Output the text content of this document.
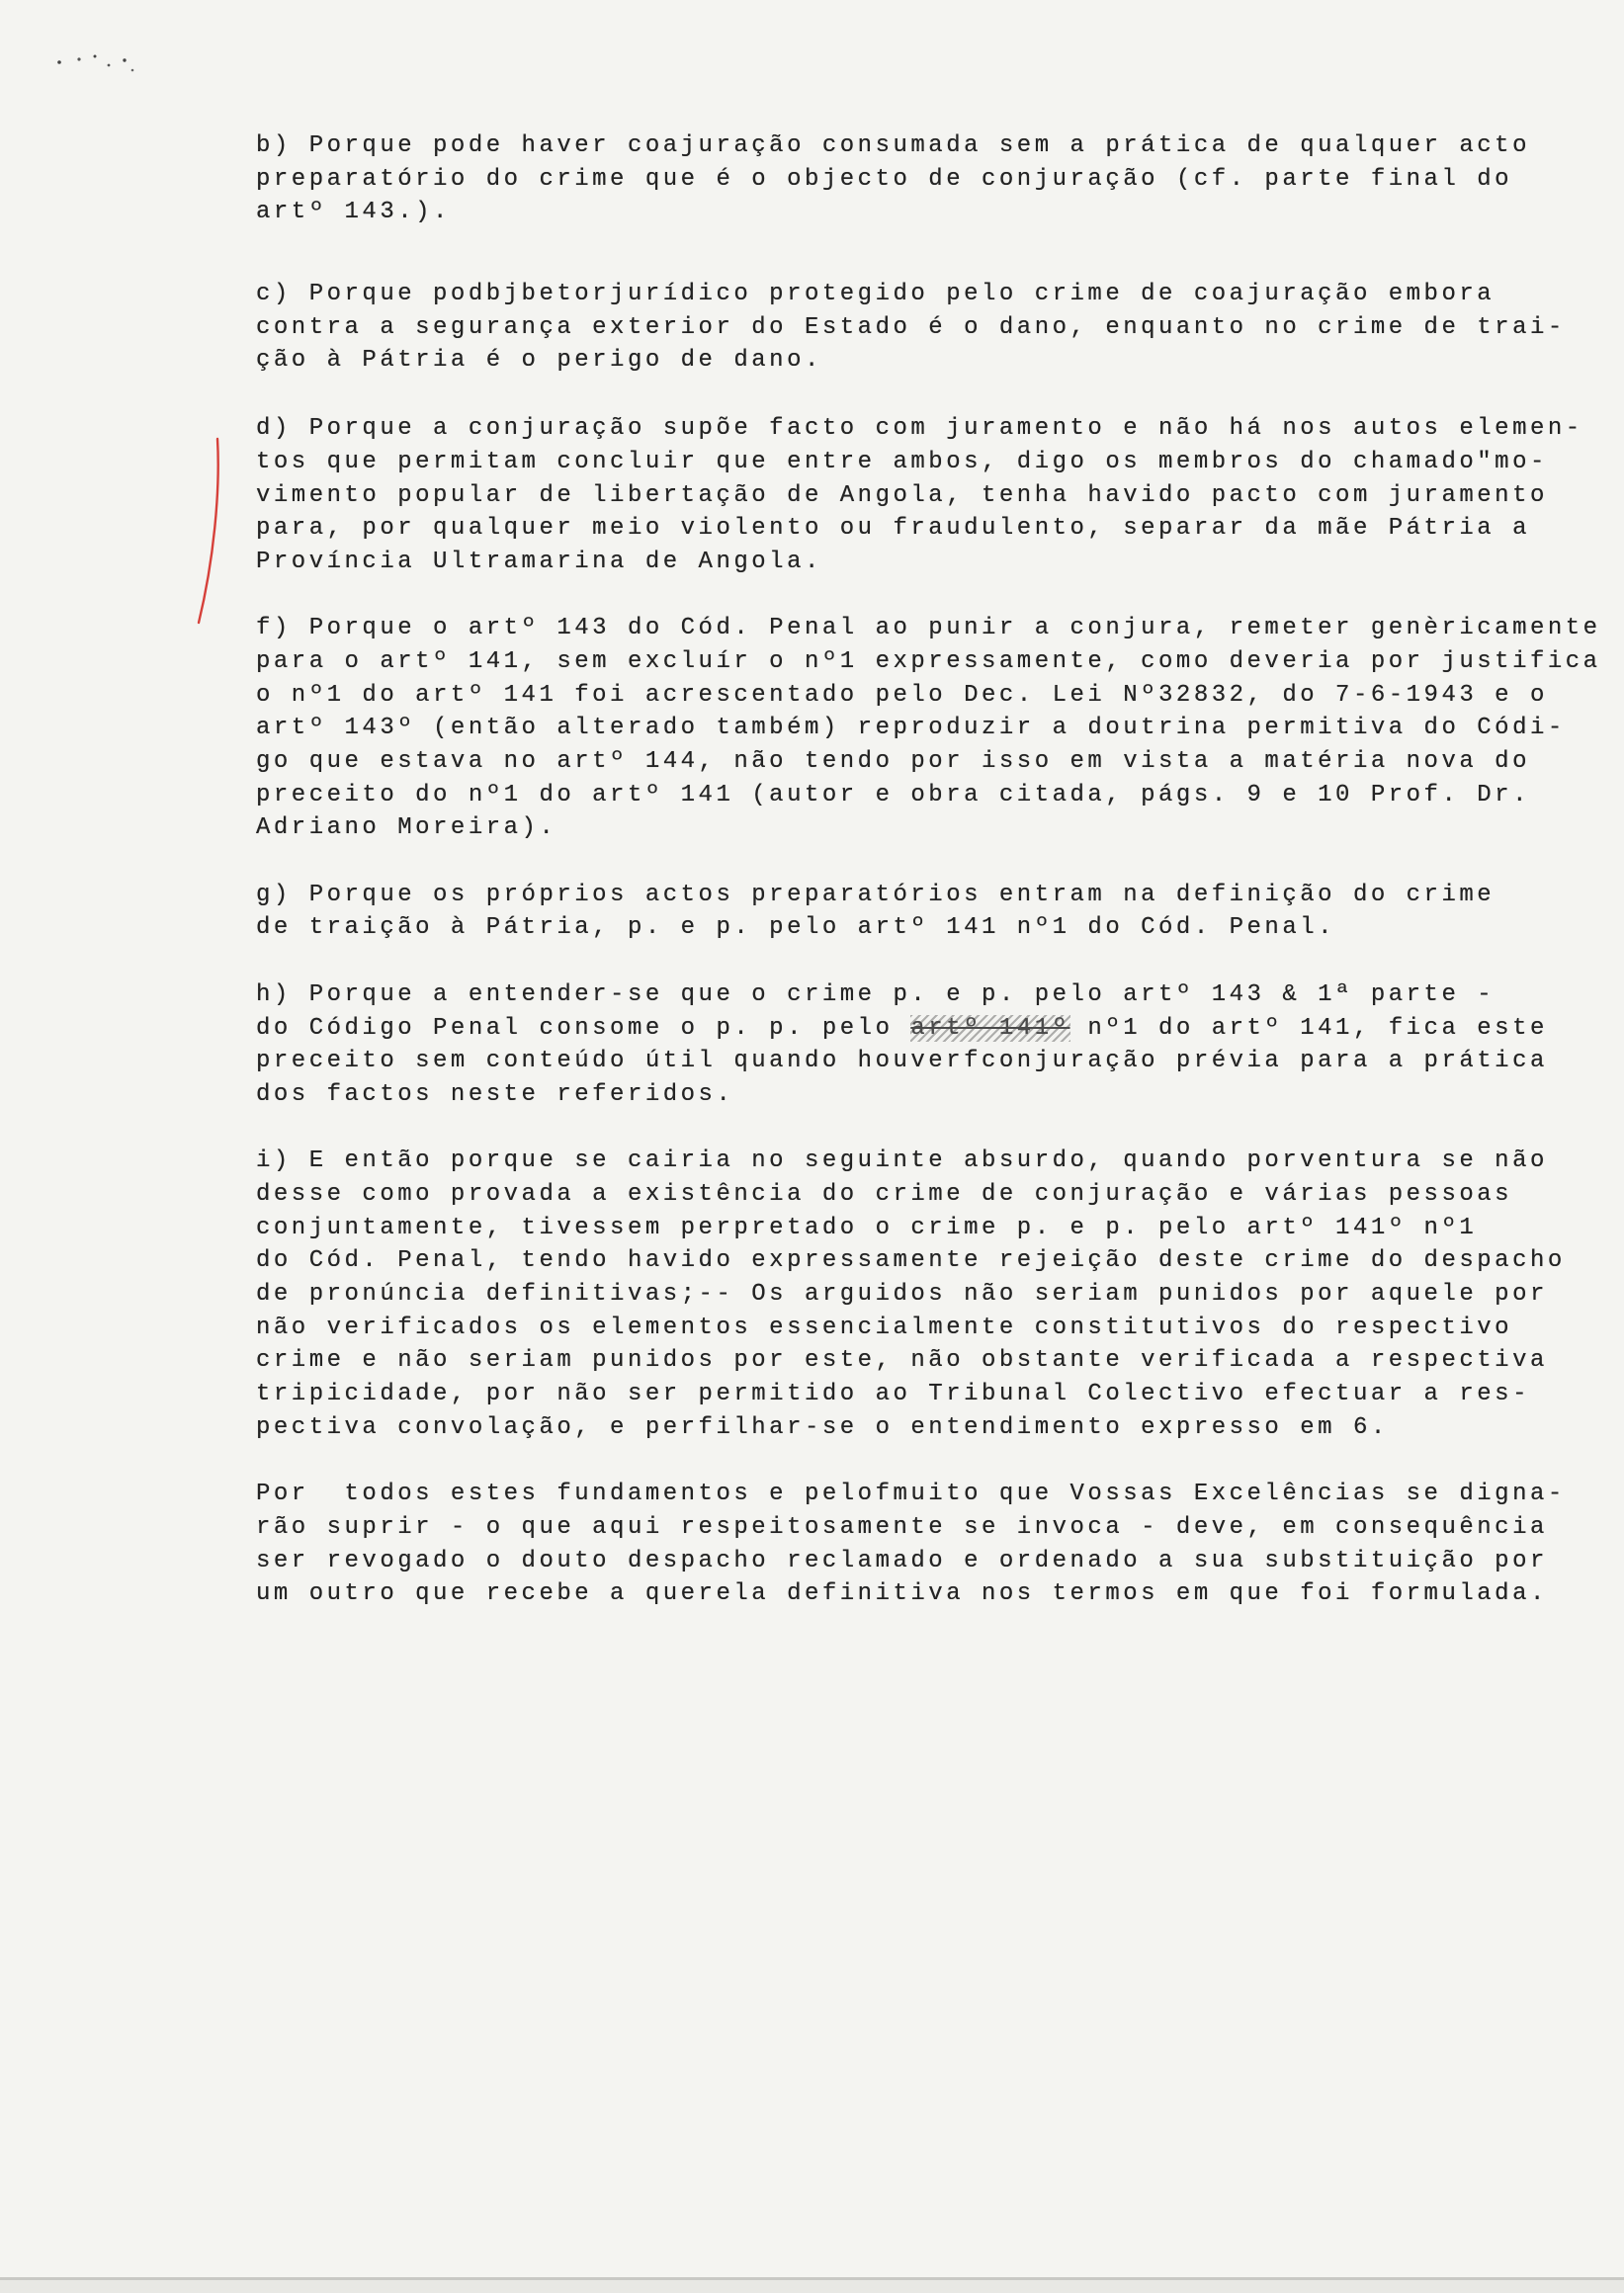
b) Porque pode haver coajuração consumada sem a prática de qualquer acto
preparatório do crime que é o objecto de conjuração (cf. parte final do
artº 143.).
c) Porque podbjbetorjurídico protegido pelo crime de coajuração embora
contra a segurança exterior do Estado é o dano, enquanto no crime de trai-
ção à Pátria é o perigo de dano.
d) Porque a conjuração supõe facto com juramento e não há nos autos elemen-
tos que permitam concluir que entre ambos, digo os membros do chamado"mo-
vimento popular de libertação de Angola, tenha havido pacto com juramento
para, por qualquer meio violento ou fraudulento, separar da mãe Pátria a
Província Ultramarina de Angola.
f) Porque o artº 143 do Cód. Penal ao punir a conjura, remeter genèricamente
para o artº 141, sem excluír o nº1 expressamente, como deveria por justifica
o nº1 do artº 141 foi acrescentado pelo Dec. Lei Nº32832, do 7-6-1943 e o
artº 143º (então alterado também) reproduzir a doutrina permitiva do Códi-
go que estava no artº 144, não tendo por isso em vista a matéria nova do
preceito do nº1 do artº 141 (autor e obra citada, págs. 9 e 10 Prof. Dr.
Adriano Moreira).
g) Porque os próprios actos preparatórios entram na definição do crime
de traição à Pátria, p. e p. pelo artº 141 nº1 do Cód. Penal.
h) Porque a entender-se que o crime p. e p. pelo artº 143 & 1ª parte -
do Código Penal consome o p. p. pelo artº 141º nº1 do artº 141, fica este
preceito sem conteúdo útil quando houverfconjuração prévia para a prática
dos factos neste referidos.
i) E então porque se cairia no seguinte absurdo, quando porventura se não
desse como provada a existência do crime de conjuração e várias pessoas
conjuntamente, tivessem perpretado o crime p. e p. pelo artº 141º nº1
do Cód. Penal, tendo havido expressamente rejeição deste crime do despacho
de pronúncia definitivas;-- Os arguidos não seriam punidos por aquele por
não verificados os elementos essencialmente constitutivos do respectivo
crime e não seriam punidos por este, não obstante verificada a respectiva
tripicidade, por não ser permitido ao Tribunal Colectivo efectuar a res-
pectiva convolação, e perfilhar-se o entendimento expresso em 6.
Por  todos estes fundamentos e pelofmuito que Vossas Excelências se digna-
rão suprir - o que aqui respeitosamente se invoca - deve, em consequência
ser revogado o douto despacho reclamado e ordenado a sua substituição por
um outro que recebe a querela definitiva nos termos em que foi formulada.
